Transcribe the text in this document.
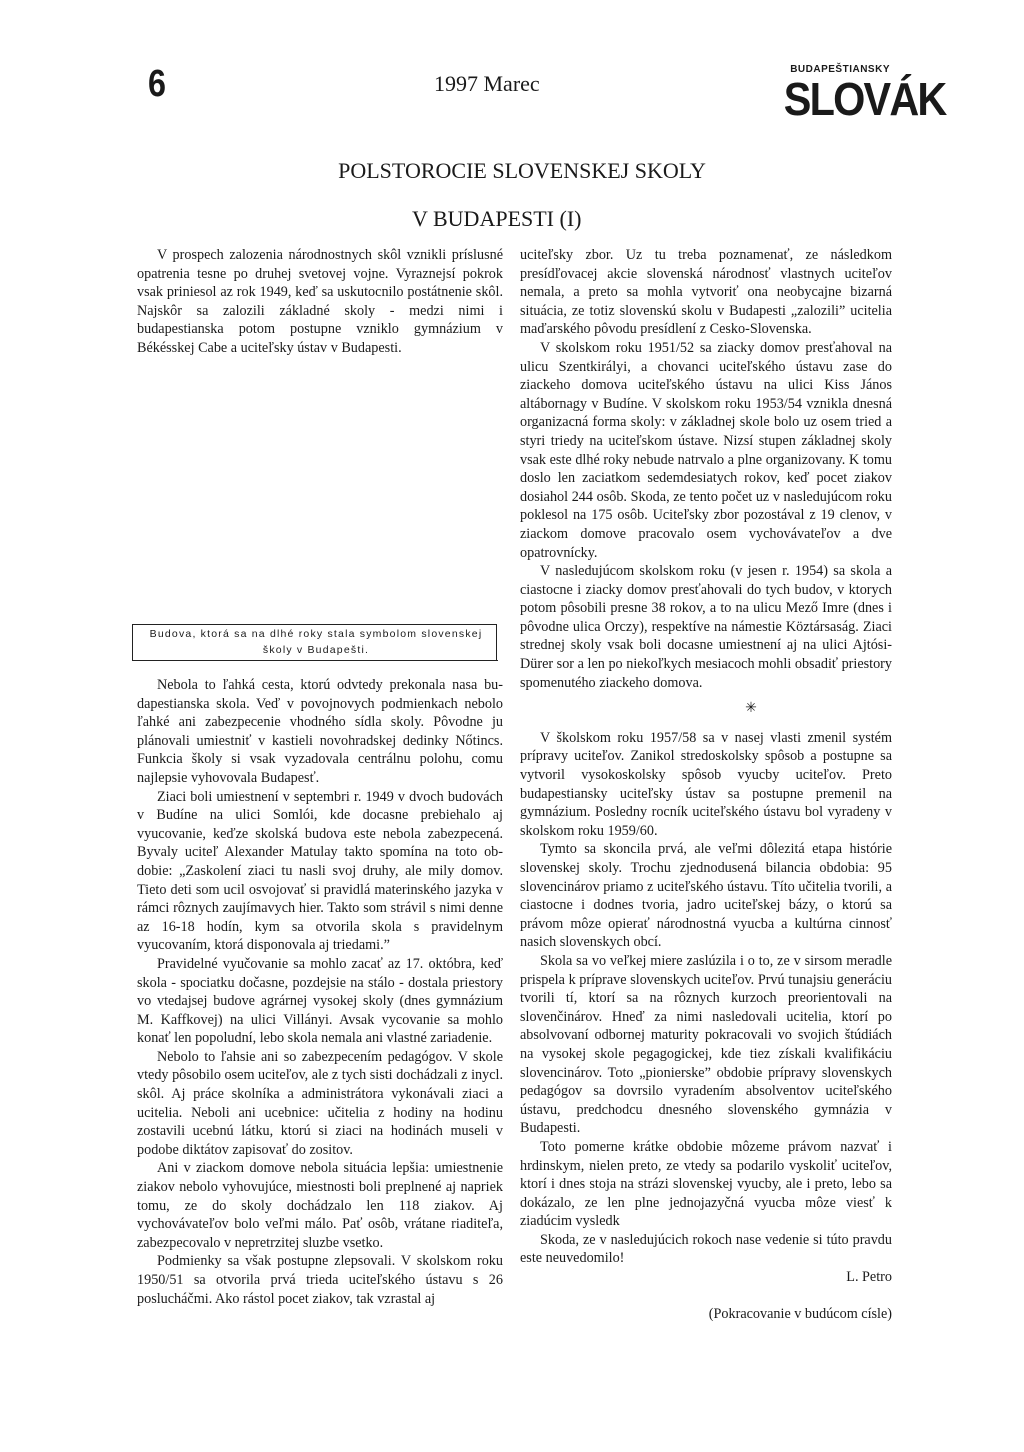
6	1997 Marec
BUDAPEŠTIANSKY
SLOVÁK
POLSTOROCIE SLOVENSKEJ SKOLY
V BUDAPESTI (I)

V prospech zalozenia národnostnych skôl vznikli príslusné opatrenia tesne po druhej svetovej vojne. Vyraznejsí pokrok vsak priniesol az rok 1949, keď sa uskutocnilo postátnenie skôl. Najskôr sa zalozili základné skoly - medzi nimi i budapestianska potom postupne vzniklo gymnázium v Békésskej Cabe a uciteľsky ústav v Budapesti.

Budova, ktorá sa na dlhé roky stala symbolom slovenskej školy v Budapešti.

Nebola to ľahká cesta, ktorú odvtedy prekonala nasa budapestianska skola. Veď v povojnovych podmienkach nebolo ľahké ani zabezpecenie vhodného sídla skoly. Pôvodne ju plánovali umiestniť v kastieli novohradskej dedinky Nőtincs. Funkcia školy si vsak vyzadovala centrálnu polohu, comu najlepsie vyhovovala Budapesť.

Ziaci boli umiestnení v septembri r. 1949 v dvoch budovách v Budíne na ulici Somlói, kde docasne prebiehalo aj vyucovanie, keďze skolská budova este nebola zabezpecená. Byvaly uciteľ Alexander Matulay takto spomína na toto obdobie: „Zaskolení ziaci tu nasli svoj druhy, ale mily domov. Tieto deti som ucil osvojovať si pravidlá materinského jazyka v rámci rôznych zaujímavych hier. Takto som strávil s nimi denne az 16-18 hodín, kym sa otvorila skola s pravidelnym vyucovaním, ktorá disponovala aj triedami.”

Pravidelné vyučovanie sa mohlo zacať az 17. októbra, keď skola - spociatku dočasne, pozdejsie na stálo - dostala priestory vo vtedajsej budove agrárnej vysokej skoly (dnes gymnázium M. Kaffkovej) na ulici Villányi. Avsak vycovanie sa mohlo konať len popoludní, lebo skola nemala ani vlastné zariadenie.

Nebolo to ľahsie ani so zabezpecením pedagógov. V skole vtedy pôsobilo osem uciteľov, ale z tych sisti dochádzali z inycl. skôl. Aj práce skolníka a administrátora vykonávali ziaci a ucitelia. Neboli ani ucebnice: učitelia z hodiny na hodinu zostavili ucebnú látku, ktorú si ziaci na hodinách museli v podobe diktátov zapisovať do zositov.

Ani v ziackom domove nebola situácia lepšia: umiestnenie ziakov nebolo vyhovujúce, miestnosti boli preplnené aj napriek tomu, ze do skoly dochádzalo len 118 ziakov. Aj vychovávateľov bolo veľmi málo. Pať osôb, vrátane riaditeľa, zabezpecovalo v nepretrzitej sluzbe vsetko.

Podmienky sa však postupne zlepsovali. V skolskom roku 1950/51 sa otvorila prvá trieda uciteľského ústavu s 26 poslucháčmi. Ako rástol pocet ziakov, tak vzrastal aj

uciteľsky zbor. Uz tu treba poznamenať, ze následkom presídľovacej akcie slovenská národnosť vlastnych uciteľov nemala, a preto sa mohla vytvoriť ona neobycajne bizarná situácia, ze totiz slovenskú skolu v Budapesti „zalozili” ucitelia maďarského pôvodu presídlení z Cesko-Slovenska.

V skolskom roku 1951/52 sa ziacky domov presťahoval na ulicu Szentkirályi, a chovanci uciteľského ústavu zase do ziackeho domova uciteľského ústavu na ulici Kiss János altábornagy v Budíne. V skolskom roku 1953/54 vznikla dnesná organizacná forma skoly: v základnej skole bolo uz osem tried a styri triedy na uciteľskom ústave. Nizsí stupen základnej skoly vsak este dlhé roky nebude natrvalo a plne organizovany. K tomu doslo len zaciatkom sedemdesiatych rokov, keď pocet ziakov dosiahol 244 osôb. Skoda, ze tento počet uz v nasledujúcom roku poklesol na 175 osôb. Uciteľsky zbor pozostával z 19 clenov, v ziackom domove pracovalo osem vychovávateľov a dve opatrovnícky.

V nasledujúcom skolskom roku (v jesen r. 1954) sa skola a ciastocne i ziacky domov presťahovali do tych budov, v ktorych potom pôsobili presne 38 rokov, a to na ulicu Mező Imre (dnes i pôvodne ulica Orczy), respektíve na námestie Köztársaság. Ziaci strednej skoly vsak boli docasne umiestnení aj na ulici Ajtósi-Dürer sor a len po niekoľkych mesiacoch mohli obsadiť priestory spomenutého ziackeho domova.

✳

V školskom roku 1957/58 sa v nasej vlasti zmenil systém prípravy uciteľov. Zanikol stredoskolsky spôsob a postupne sa vytvoril vysokoskolsky spôsob vyucby uciteľov. Preto budapestiansky uciteľsky ústav sa postupne premenil na gymnázium. Posledny rocník uciteľského ústavu bol vyradeny v skolskom roku 1959/60.

Tymto sa skoncila prvá, ale veľmi dôlezitá etapa histórie slovenskej skoly. Trochu zjednodusená bilancia obdobia: 95 slovencinárov priamo z uciteľského ústavu. Títo učitelia tvorili, a ciastocne i dodnes tvoria, jadro uciteľskej bázy, o ktorú sa právom môze opierať národnostná vyucba a kultúrna cinnosť nasich slovenskych obcí.

Skola sa vo veľkej miere zaslúzila i o to, ze v sirsom meradle prispela k príprave slovenskych uciteľov. Prvú tunajsiu generáciu tvorili tí, ktorí sa na rôznych kurzoch preorientovali na slovenčinárov. Hneď za nimi nasledovali ucitelia, ktorí po absolvovaní odbornej maturity pokracovali vo svojich štúdiách na vysokej skole pegagogickej, kde tiez získali kvalifikáciu slovencinárov. Toto „pionierske” obdobie prípravy slovenskych pedagógov sa dovrsilo vyradením absolventov uciteľského ústavu, predchodcu dnesného slovenského gymnázia v Budapesti.

Toto pomerne krátke obdobie môzeme právom nazvať i hrdinskym, nielen preto, ze vtedy sa podarilo vyskoliť uciteľov, ktorí i dnes stoja na strázi slovenskej vyucby, ale i preto, lebo sa dokázalo, ze len plne jednojazyčná vyucba môze viesť k ziadúcim vysledk

Skoda, ze v nasledujúcich rokoch nase vedenie si túto pravdu este neuvedomilo!

L. Petro
(Pokracovanie v budúcom císle)
